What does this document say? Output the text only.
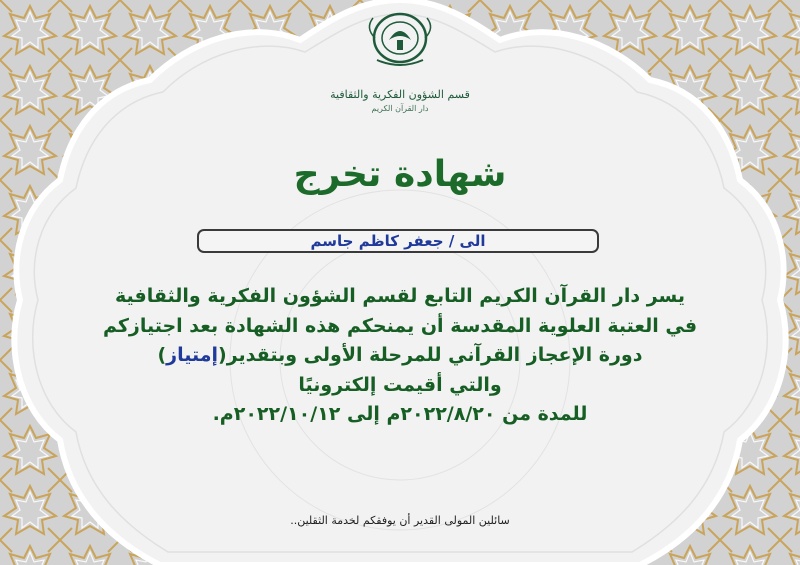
قسم الشؤون الفكرية والثقافية
دار القرآن الكريم
شهادة تخرج
الى

/

جعفر كاظم جاسم
يسر دار القرآن الكريم التابع لقسم الشؤون الفكرية والثقافية
في العتبة العلوية المقدسة أن يمنحكم هذه الشهادة بعد اجتيازكم
دورة الإعجاز القرآني للمرحلة الأولى وبتقدير(إمتياز)
والتي أقيمت إلكترونيًا
للمدة من ٢٠٢٢/٨/٢٠م إلى ٢٠٢٢/١٠/١٢م.
سائلين المولى القدير أن يوفقكم لخدمة الثقلين..
